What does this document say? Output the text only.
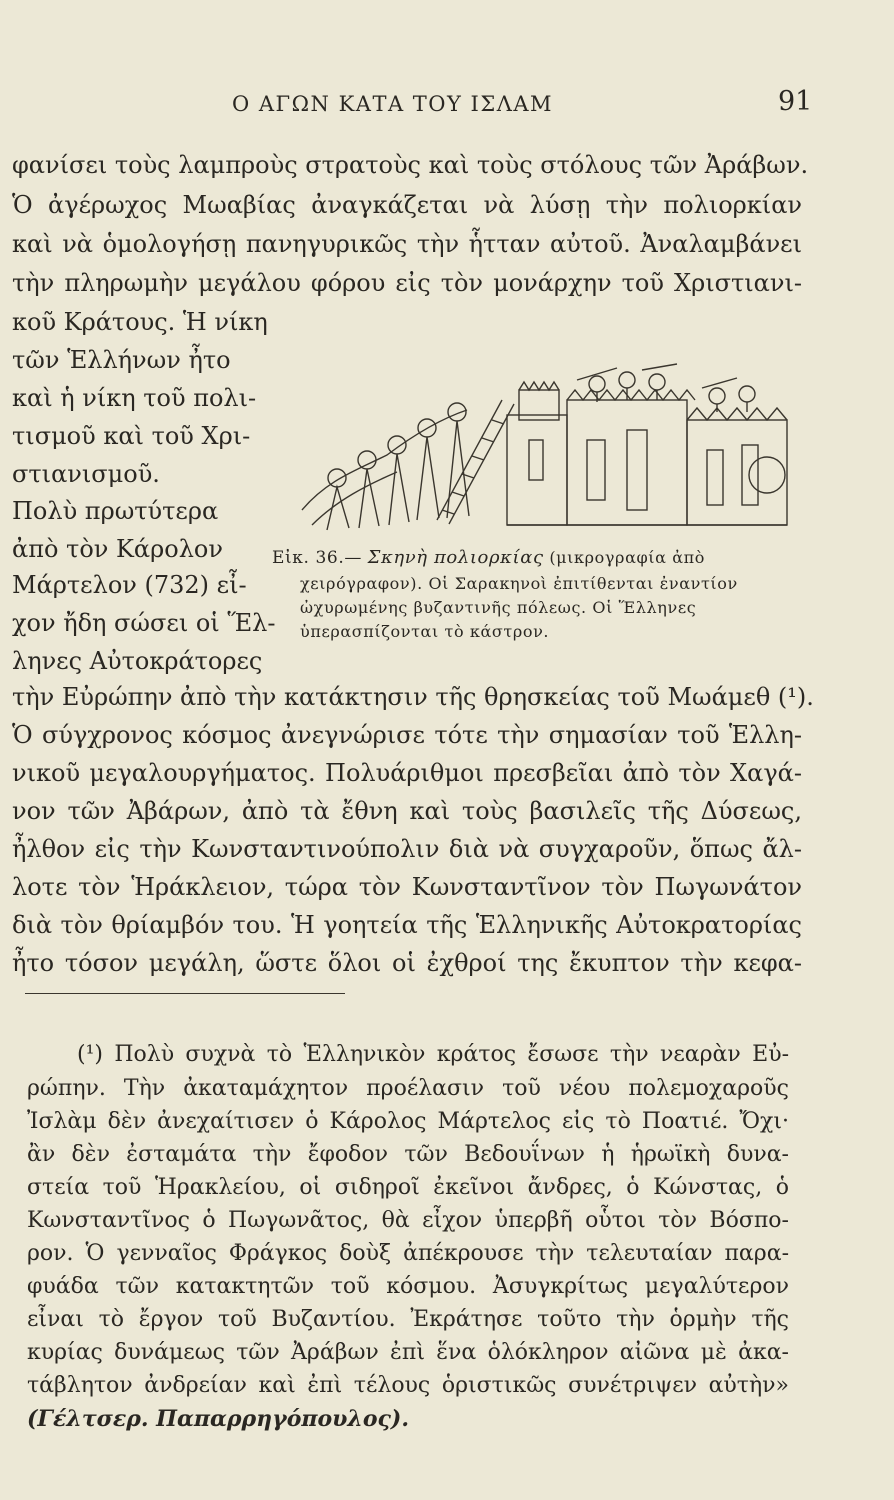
Ο ΑΓΩΝ ΚΑΤΑ ΤΟΥ ΙΣΛΑΜ	91
φανίσει τοὺς λαμπροὺς στρατοὺς καὶ τοὺς στόλους τῶν Ἀράβων.
Ὁ ἀγέρωχος Μωαβίας ἀναγκάζεται νὰ λύσῃ τὴν πολιορκίαν
καὶ νὰ ὁμολογήσῃ πανηγυρικῶς τὴν ἧτταν αὐτοῦ. Ἀναλαμβάνει
τὴν πληρωμὴν μεγάλου φόρου εἰς τὸν μονάρχην τοῦ Χριστιανι-
κοῦ Κράτους. Ἡ νίκη
τῶν Ἑλλήνων ἦτο
καὶ ἡ νίκη τοῦ πολι-
τισμοῦ καὶ τοῦ Χρι-
στιανισμοῦ.
Πολὺ πρωτύτερα
ἀπὸ τὸν Κάρολον
Μάρτελον (732) εἶ-
χον ἤδη σώσει οἱ Ἕλ-
ληνες Αὐτοκράτορες
Εἰκ. 36.— Σκηνὴ πολιορκίας (μικρογραφία ἀπὸ
χειρόγραφον). Οἱ Σαρακηνοὶ ἐπιτίθενται ἐναντίον
ὠχυρωμένης βυζαντινῆς πόλεως. Οἱ Ἕλληνες
ὑπερασπίζονται τὸ κάστρον.
τὴν Εὐρώπην ἀπὸ τὴν κατάκτησιν τῆς θρησκείας τοῦ Μωάμεθ (¹).
Ὁ σύγχρονος κόσμος ἀνεγνώρισε τότε τὴν σημασίαν τοῦ Ἑλλη-
νικοῦ μεγαλουργήματος. Πολυάριθμοι πρεσβεῖαι ἀπὸ τὸν Χαγά-
νον τῶν Ἀβάρων, ἀπὸ τὰ ἔθνη καὶ τοὺς βασιλεῖς τῆς Δύσεως,
ἦλθον εἰς τὴν Κωνσταντινούπολιν διὰ νὰ συγχαροῦν, ὅπως ἄλ-
λοτε τὸν Ἡράκλειον, τώρα τὸν Κωνσταντῖνον τὸν Πωγωνάτον
διὰ τὸν θρίαμβόν του. Ἡ γοητεία τῆς Ἑλληνικῆς Αὐτοκρατορίας
ἦτο τόσον μεγάλη, ὥστε ὅλοι οἱ ἐχθροί της ἔκυπτον τὴν κεφα-
(¹) Πολὺ συχνὰ τὸ Ἑλληνικὸν κράτος ἔσωσε τὴν νεαρὰν Εὐ-
ρώπην. Τὴν ἀκαταμάχητον προέλασιν τοῦ νέου πολεμοχαροῦς
Ἰσλὰμ δὲν ἀνεχαίτισεν ὁ Κάρολος Μάρτελος εἰς τὸ Ποατιέ. Ὄχι·
ἂν δὲν ἐσταμάτα τὴν ἔφοδον τῶν Βεδουΐνων ἡ ἡρωϊκὴ δυνα-
στεία τοῦ Ἡρακλείου, οἱ σιδηροῖ ἐκεῖνοι ἄνδρες, ὁ Κώνστας, ὁ
Κωνσταντῖνος ὁ Πωγωνᾶτος, θὰ εἶχον ὑπερβῆ οὗτοι τὸν Βόσπο-
ρον. Ὁ γενναῖος Φράγκος δοὺξ ἀπέκρουσε τὴν τελευταίαν παρα-
φυάδα τῶν κατακτητῶν τοῦ κόσμου. Ἀσυγκρίτως μεγαλύτερον
εἶναι τὸ ἔργον τοῦ Βυζαντίου. Ἐκράτησε τοῦτο τὴν ὁρμὴν τῆς
κυρίας δυνάμεως τῶν Ἀράβων ἐπὶ ἕνα ὁλόκληρον αἰῶνα μὲ ἀκα-
τάβλητον ἀνδρείαν καὶ ἐπὶ τέλους ὁριστικῶς συνέτριψεν αὐτὴν»
(Γέλτσερ. Παπαρρηγόπουλος).
